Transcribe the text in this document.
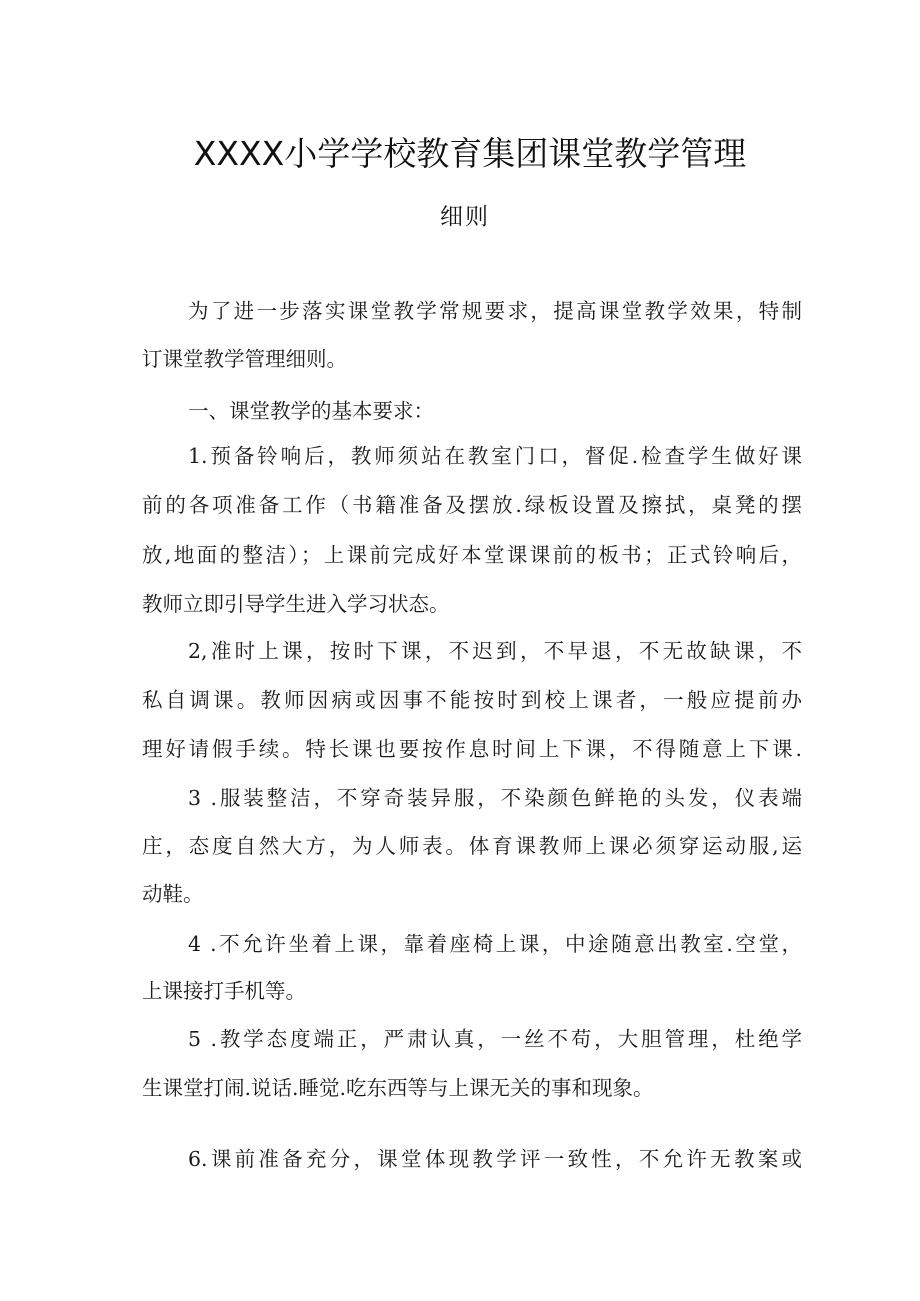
XXXX小学学校教育集团课堂教学管理
细则
为了进一步落实课堂教学常规要求，提高课堂教学效果，特制
订课堂教学管理细则。
一、课堂教学的基本要求：
1.预备铃响后，教师须站在教室门口，督促.检查学生做好课
前的各项准备工作（书籍准备及摆放.绿板设置及擦拭，桌凳的摆
放,地面的整洁）；上课前完成好本堂课课前的板书；正式铃响后，
教师立即引导学生进入学习状态。
2,准时上课，按时下课，不迟到，不早退，不无故缺课，不
私自调课。教师因病或因事不能按时到校上课者，一般应提前办
理好请假手续。特长课也要按作息时间上下课，不得随意上下课.
3 .服装整洁，不穿奇装异服，不染颜色鲜艳的头发，仪表端
庄，态度自然大方，为人师表。体育课教师上课必须穿运动服,运
动鞋。
4 .不允许坐着上课，靠着座椅上课，中途随意出教室.空堂，
上课接打手机等。
5 .教学态度端正，严肃认真，一丝不苟，大胆管理，杜绝学
生课堂打闹.说话.睡觉.吃东西等与上课无关的事和现象。
6.课前准备充分，课堂体现教学评一致性，不允许无教案或
